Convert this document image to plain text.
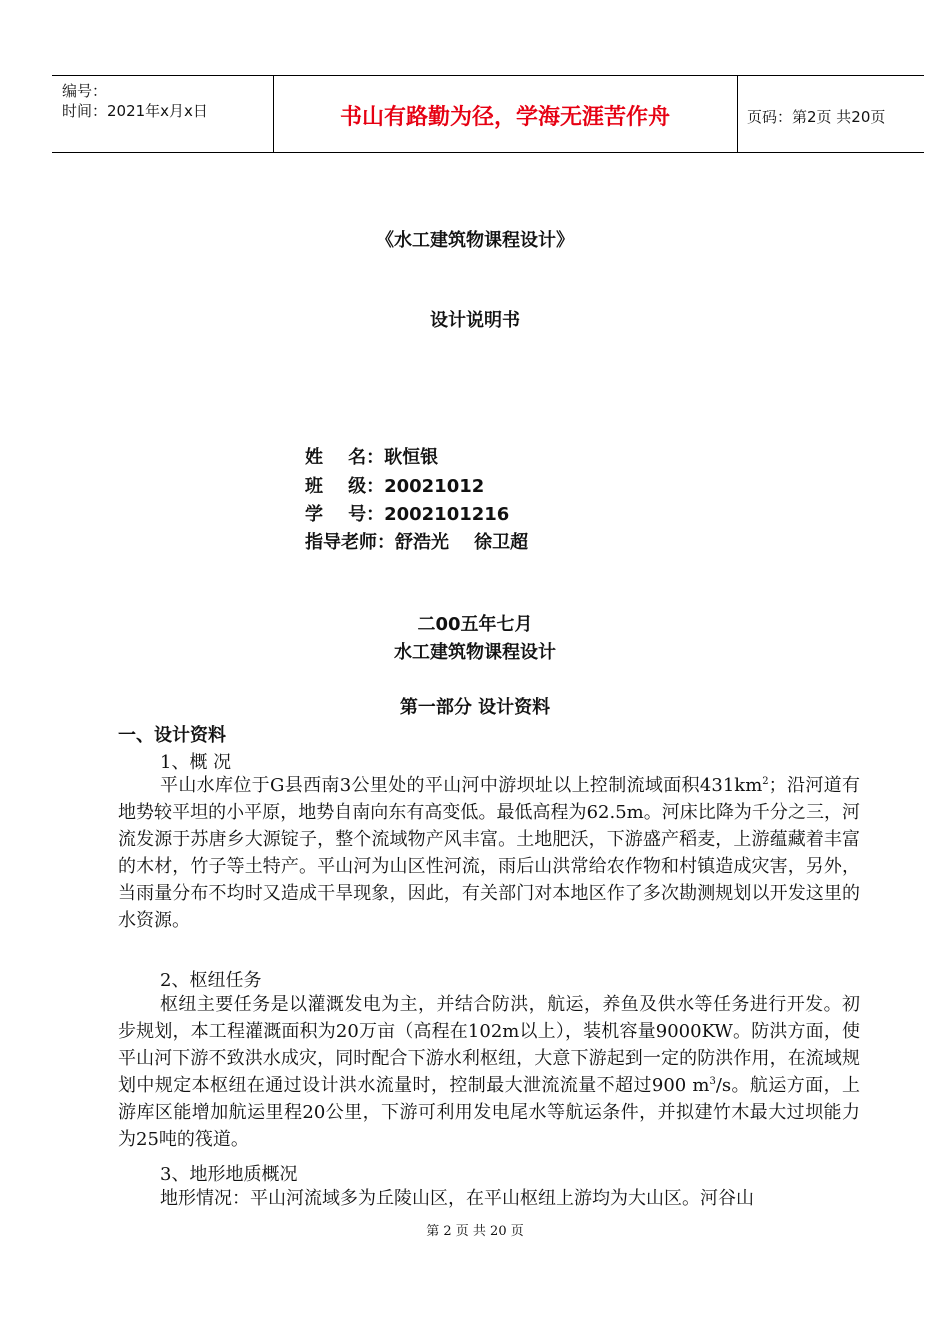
编号：
时间：2021年x月x日	书山有路勤为径，学海无涯苦作舟	页码：第2页 共20页
《水工建筑物课程设计》
设计说明书
姓    名：耿恒银
班    级：20021012
学    号：2002101216
指导老师：舒浩光    徐卫超
二00五年七月
水工建筑物课程设计
第一部分 设计资料
一、设计资料
1、概 况
平山水库位于G县西南3公里处的平山河中游坝址以上控制流域面积$431km^2$；沿河道有地势较平坦的小平原，地势自南向东有高变低。最低高程为62.5m。河床比降为千分之三，河流发源于苏唐乡大源锭子，整个流域物产风丰富。土地肥沃，下游盛产稻麦，上游蕴藏着丰富的木材，竹子等土特产。平山河为山区性河流，雨后山洪常给农作物和村镇造成灾害，另外，当雨量分布不均时又造成干旱现象，因此，有关部门对本地区作了多次勘测规划以开发这里的水资源。
2、枢纽任务
枢纽主要任务是以灌溉发电为主，并结合防洪，航运，养鱼及供水等任务进行开发。初步规划，本工程灌溉面积为20万亩（高程在102m以上），装机容量9000KW。防洪方面，使平山河下游不致洪水成灾，同时配合下游水利枢纽，大意下游起到一定的防洪作用，在流域规划中规定本枢纽在通过设计洪水流量时，控制最大泄流流量不超过900 $m^3/s$。航运方面，上游库区能增加航运里程20公里，下游可利用发电尾水等航运条件，并拟建竹木最大过坝能力为25吨的筏道。
3、地形地质概况
地形情况：平山河流域多为丘陵山区，在平山枢纽上游均为大山区。河谷山
第 2 页 共 20 页
